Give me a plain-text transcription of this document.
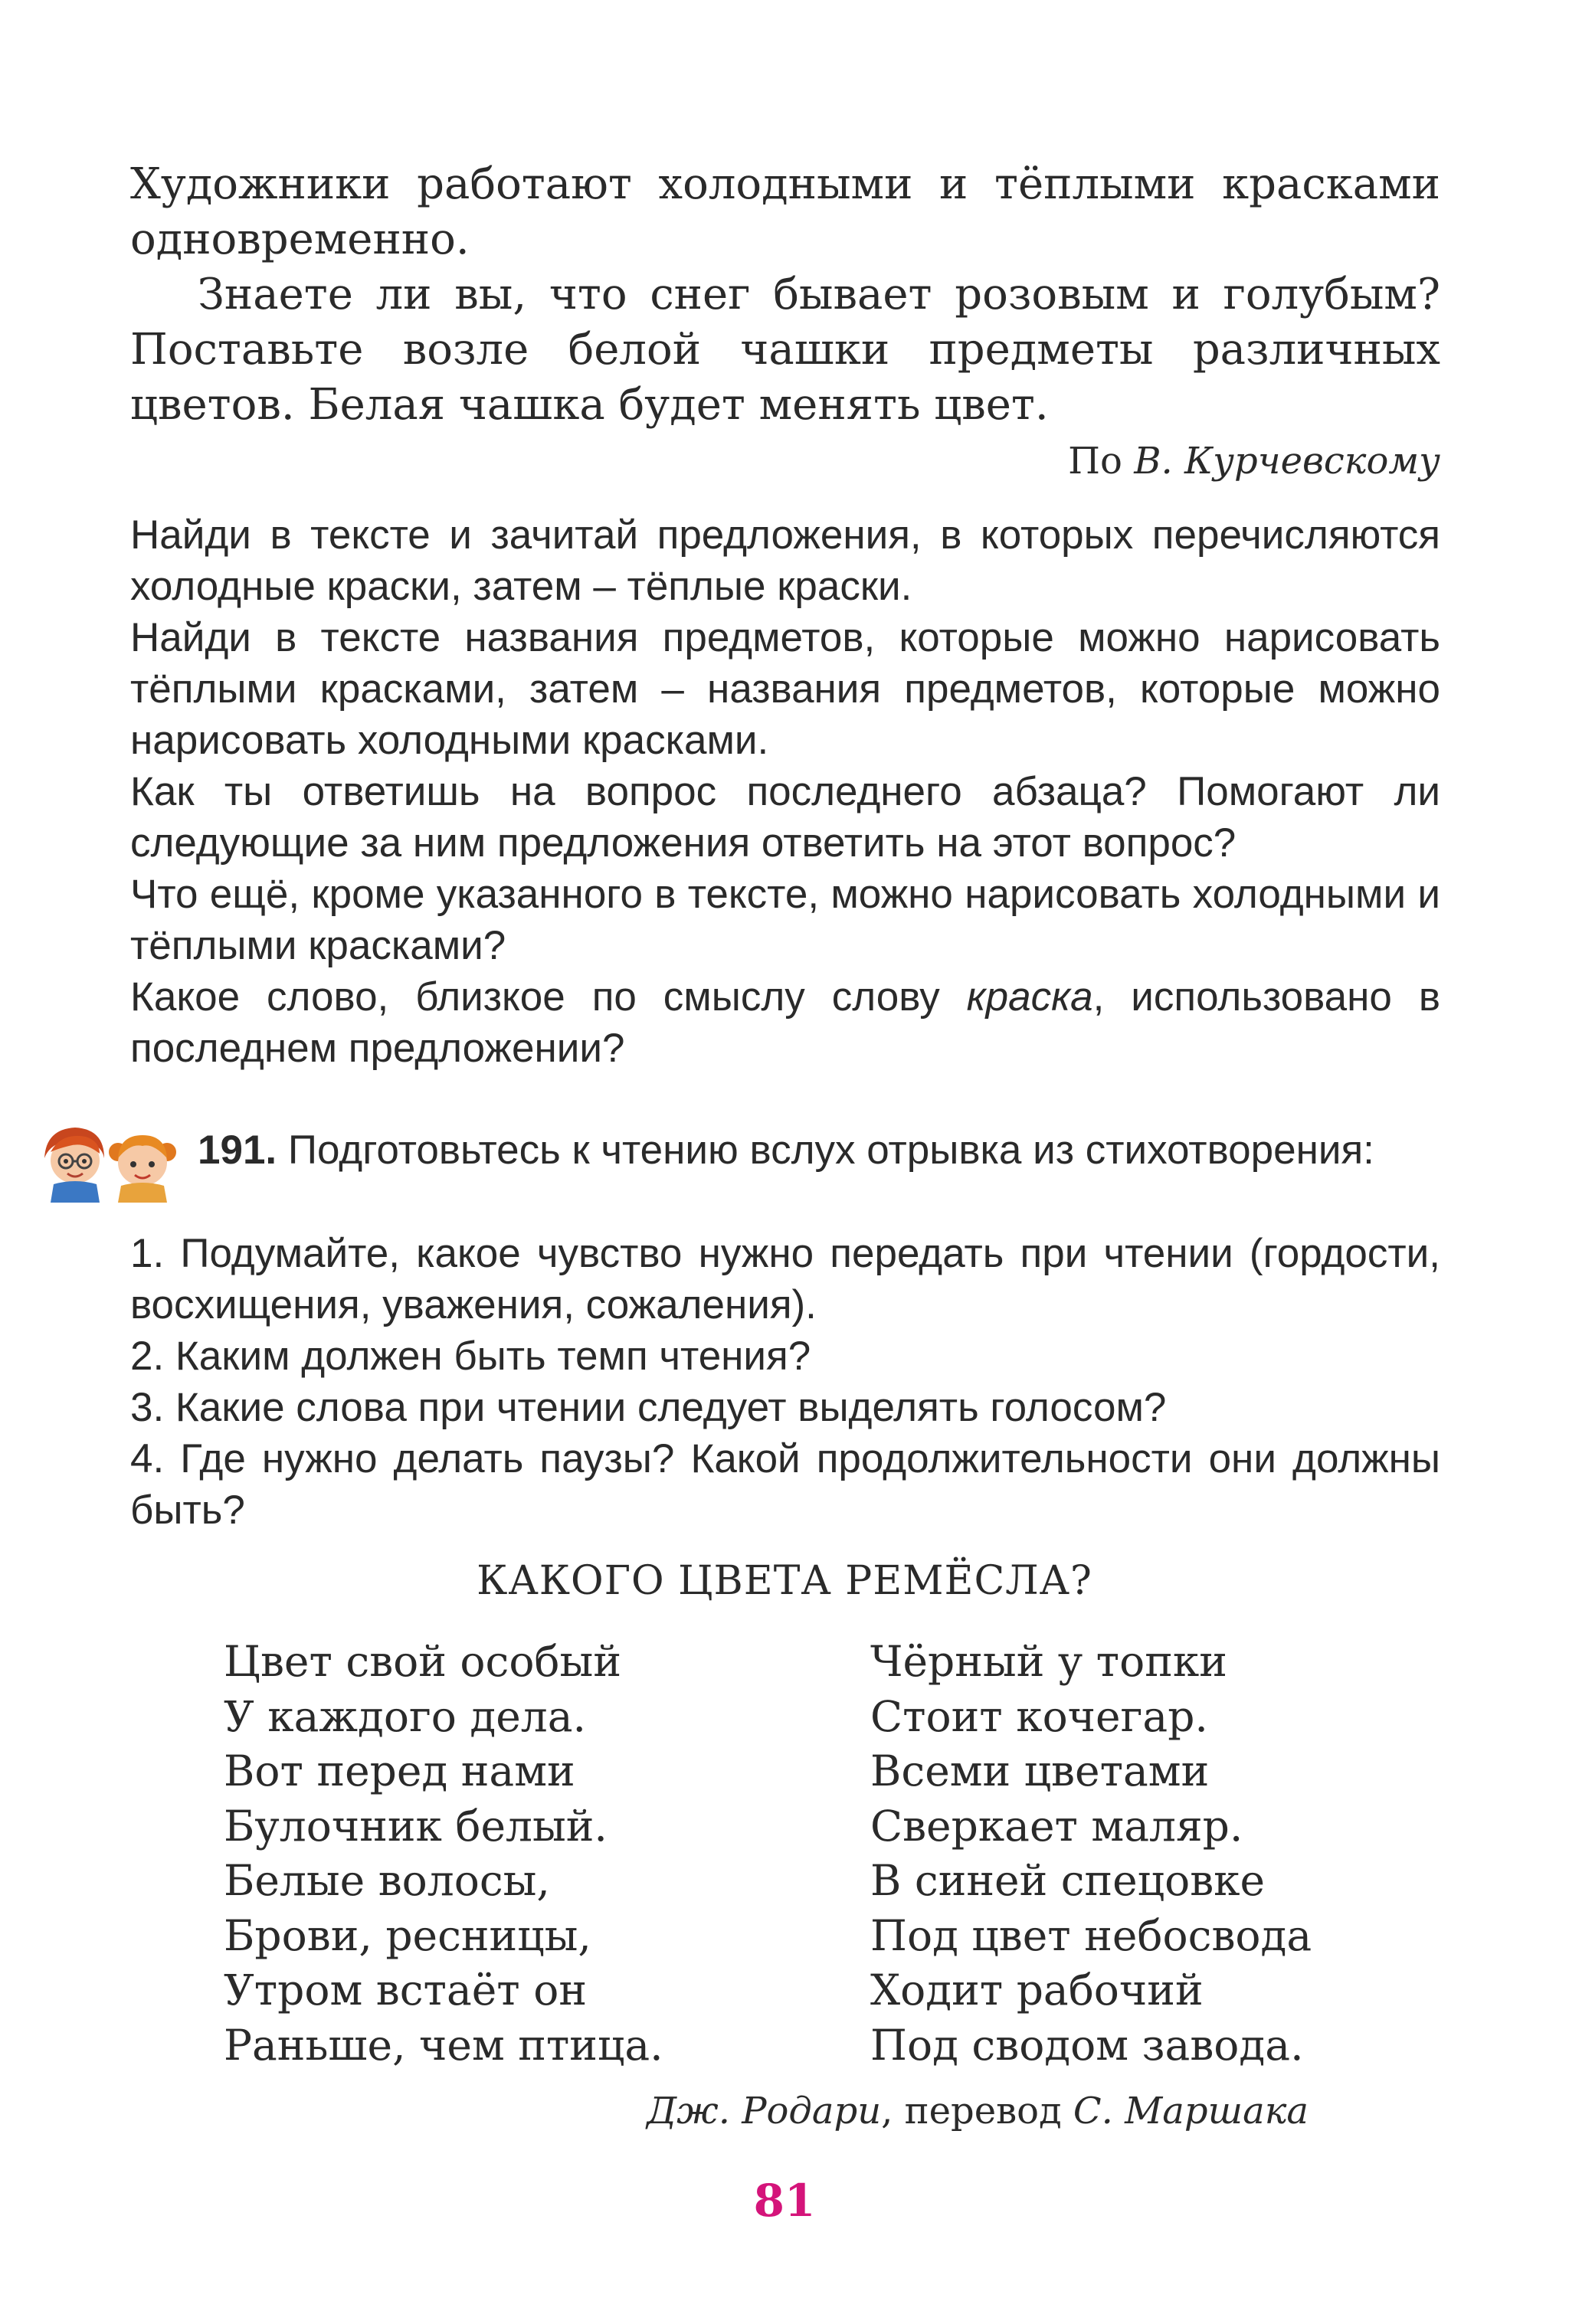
Художники работают холодными и тёплыми красками одновременно.

Знаете ли вы, что снег бывает розовым и голубым? Поставьте возле белой чашки предметы различных цветов. Белая чашка будет менять цвет.

По В. Курчевскому

Найди в тексте и зачитай предложения, в которых перечисляются холодные краски, затем – тёплые краски.

Найди в тексте названия предметов, которые можно нарисовать тёплыми красками, затем – названия предметов, которые можно нарисовать холодными красками.

Как ты ответишь на вопрос последнего абзаца? Помогают ли следующие за ним предложения ответить на этот вопрос?

Что ещё, кроме указанного в тексте, можно нарисовать холодными и тёплыми красками?

Какое слово, близкое по смыслу слову краска, использовано в последнем предложении?

191. Подготовьтесь к чтению вслух отрывка из стихотворения:

1. Подумайте, какое чувство нужно передать при чтении (гордости, восхищения, уважения, сожаления).

2. Каким должен быть темп чтения?

3. Какие слова при чтении следует выделять голосом?

4. Где нужно делать паузы? Какой продолжительности они должны быть?

КАКОГО ЦВЕТА РЕМЁСЛА?

Цвет свой особый
У каждого дела.
Вот перед нами
Булочник белый.
Белые волосы,
Брови, ресницы,
Утром встаёт он
Раньше, чем птица.
Чёрный у топки
Стоит кочегар.
Всеми цветами
Сверкает маляр.
В синей спецовке
Под цвет небосвода
Ходит рабочий
Под сводом завода.

Дж. Родари, перевод С. Маршака

81
